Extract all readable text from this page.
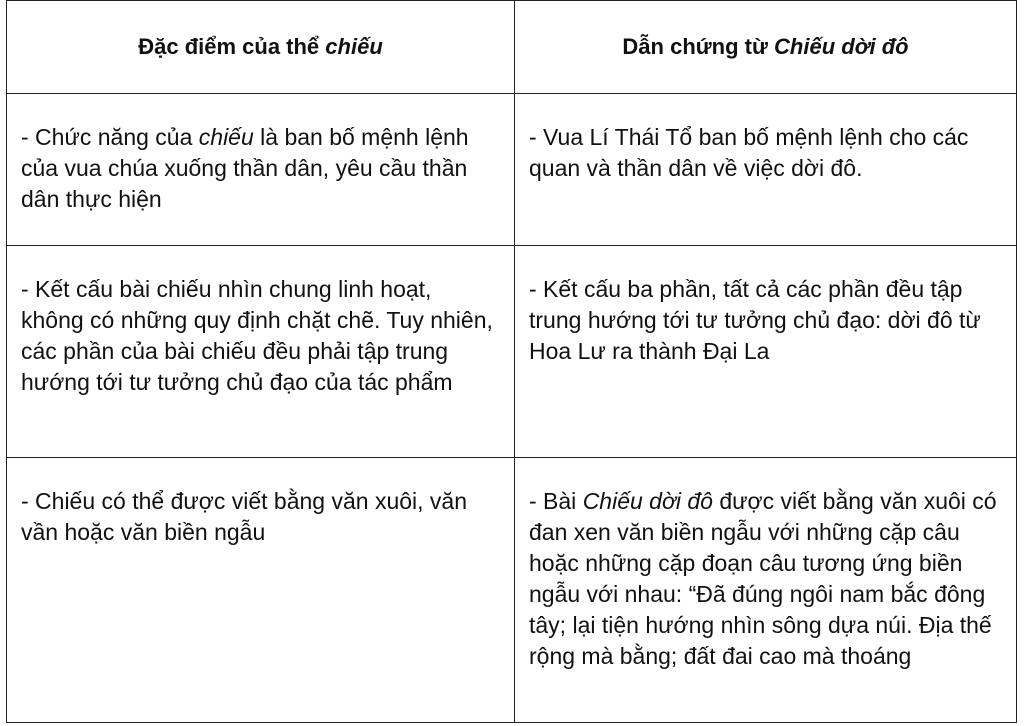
Đặc điểm của thể chiếu	Dẫn chứng từ Chiếu dời đô
- Chức năng của chiếu là ban bố mệnh lệnh của vua chúa xuống thần dân, yêu cầu thần dân thực hiện	- Vua Lí Thái Tổ ban bố mệnh lệnh cho các quan và thần dân về việc dời đô.
- Kết cấu bài chiếu nhìn chung linh hoạt, không có những quy định chặt chẽ. Tuy nhiên, các phần của bài chiếu đều phải tập trung hướng tới tư tưởng chủ đạo của tác phẩm	- Kết cấu ba phần, tất cả các phần đều tập trung hướng tới tư tưởng chủ đạo: dời đô từ Hoa Lư ra thành Đại La
- Chiếu có thể được viết bằng văn xuôi, văn vần hoặc văn biền ngẫu	- Bài Chiếu dời đô được viết bằng văn xuôi có đan xen văn biền ngẫu với những cặp câu hoặc những cặp đoạn câu tương ứng biền ngẫu với nhau: “Đã đúng ngôi nam bắc đông tây; lại tiện hướng nhìn sông dựa núi. Địa thế rộng mà bằng; đất đai cao mà thoáng
